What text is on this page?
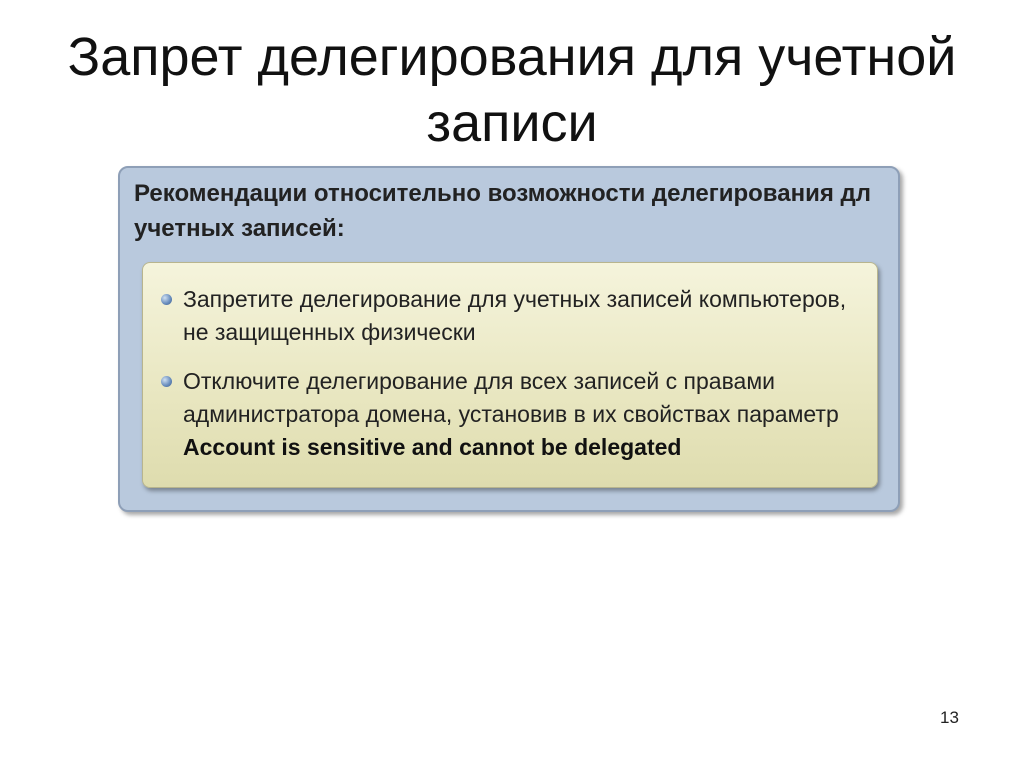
Запрет делегирования для учетной записи

Рекомендации относительно возможности делегирования дл учетных записей:

Запретите делегирование для учетных записей компьютеров, не защищенных физически
Отключите делегирование для всех записей с правами администратора домена, установив в их свойствах параметр Account is sensitive and cannot be delegated
13
